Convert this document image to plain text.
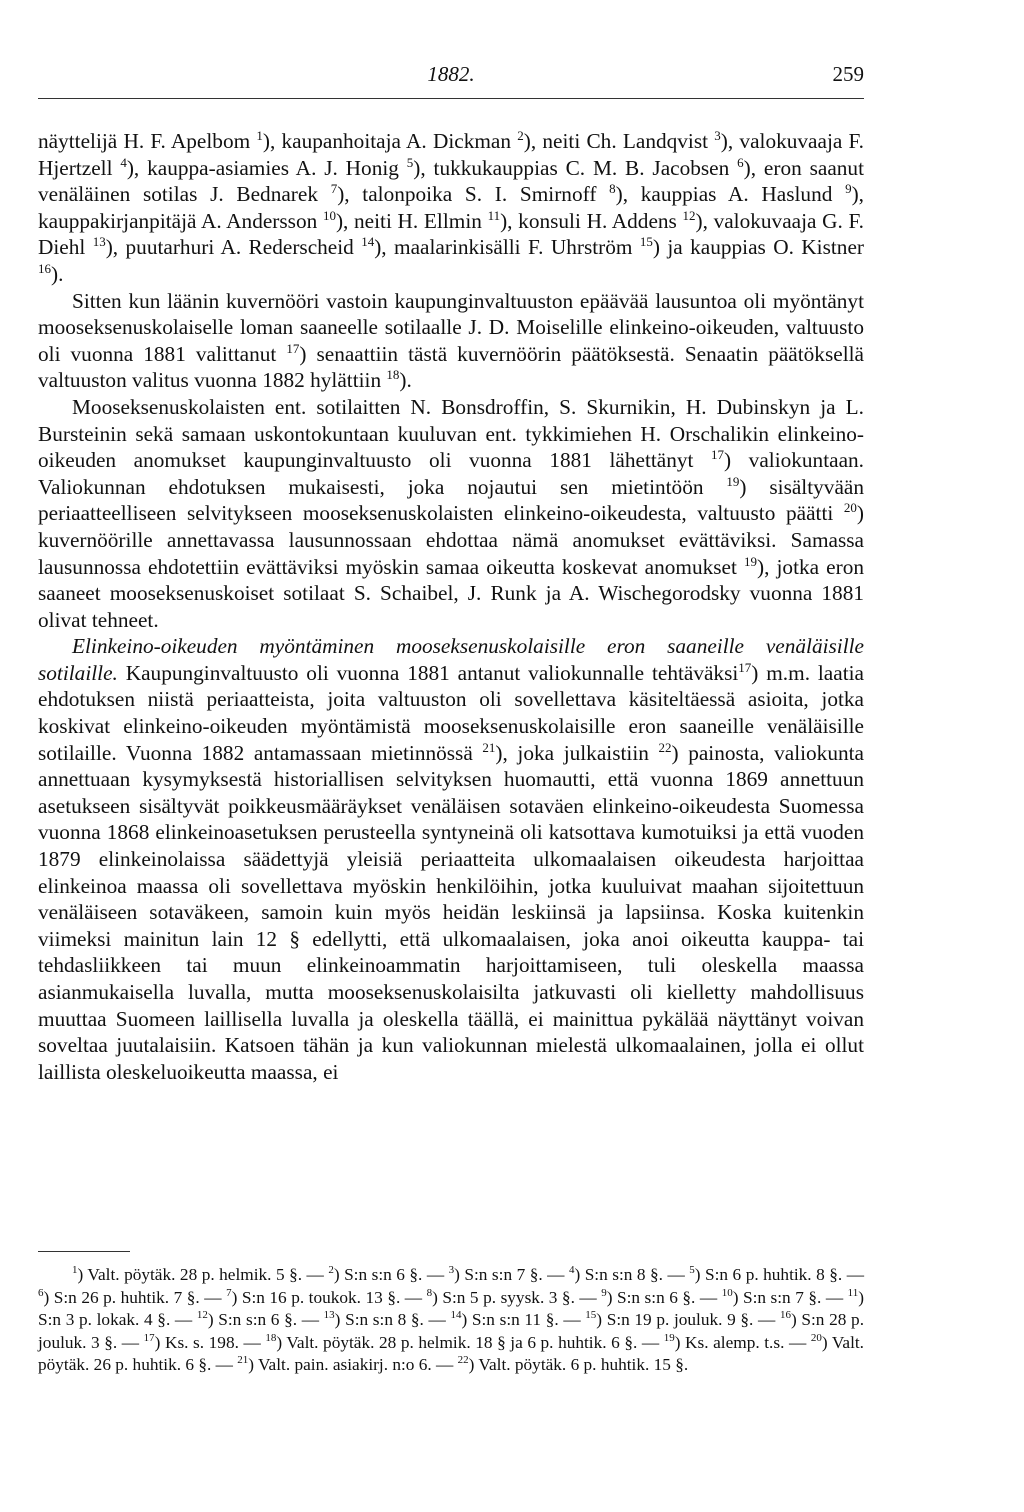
1882.	259

näyttelijä H. F. Apelbom $^1$), kaupanhoitaja A. Dickman $^2$), neiti Ch. Landqvist $^3$), valokuvaaja F. Hjertzell $^4$), kauppa-asiamies A. J. Honig $^5$), tukkukauppias C. M. B. Jacobsen $^6$), eron saanut venäläinen sotilas J. Bednarek $^7$), talonpoika S. I. Smirnoff $^8$), kauppias A. Haslund $^9$), kauppakirjanpitäjä A. Andersson $^{10}$), neiti H. Ellmin $^{11}$), konsuli H. Addens $^{12}$), valokuvaaja G. F. Diehl $^{13}$), puutarhuri A. Rederscheid $^{14}$), maalarinkisälli F. Uhrström $^{15}$) ja kauppias O. Kistner $^{16}$).

Sitten kun läänin kuvernööri vastoin kaupunginvaltuuston epäävää lausuntoa oli myöntänyt mooseksenuskolaiselle loman saaneelle sotilaalle J. D. Moiselille elinkeino-oikeuden, valtuusto oli vuonna 1881 valittanut $^{17}$) senaattiin tästä kuvernöörin päätöksestä. Senaatin päätöksellä valtuuston valitus vuonna 1882 hylättiin $^{18}$).

Mooseksenuskolaisten ent. sotilaitten N. Bonsdroffin, S. Skurnikin, H. Dubinskyn ja L. Bursteinin sekä samaan uskontokuntaan kuuluvan ent. tykkimiehen H. Orschalikin elinkeino-oikeuden anomukset kaupunginvaltuusto oli vuonna 1881 lähettänyt $^{17}$) valiokuntaan. Valiokunnan ehdotuksen mukaisesti, joka nojautui sen mietintöön $^{19}$) sisältyvään periaatteelliseen selvitykseen mooseksenuskolaisten elinkeino-oikeudesta, valtuusto päätti $^{20}$) kuvernöörille annettavassa lausunnossaan ehdottaa nämä anomukset evättäviksi. Samassa lausunnossa ehdotettiin evättäviksi myöskin samaa oikeutta koskevat anomukset $^{19}$), jotka eron saaneet mooseksenuskoiset sotilaat S. Schaibel, J. Runk ja A. Wischegorodsky vuonna 1881 olivat tehneet.

Elinkeino-oikeuden myöntäminen mooseksenuskolaisille eron saaneille venäläisille sotilaille. Kaupunginvaltuusto oli vuonna 1881 antanut valiokunnalle tehtäväksi$^{17}$) m.m. laatia ehdotuksen niistä periaatteista, joita valtuuston oli sovellettava käsiteltäessä asioita, jotka koskivat elinkeino-oikeuden myöntämistä mooseksenuskolaisille eron saaneille venäläisille sotilaille. Vuonna 1882 antamassaan mietinnössä $^{21}$), joka julkaistiin $^{22}$) painosta, valiokunta annettuaan kysymyksestä historiallisen selvityksen huomautti, että vuonna 1869 annettuun asetukseen sisältyvät poikkeusmääräykset venäläisen sotaväen elinkeino-oikeudesta Suomessa vuonna 1868 elinkeinoasetuksen perusteella syntyneinä oli katsottava kumotuiksi ja että vuoden 1879 elinkeinolaissa säädettyjä yleisiä periaatteita ulkomaalaisen oikeudesta harjoittaa elinkeinoa maassa oli sovellettava myöskin henkilöihin, jotka kuuluivat maahan sijoitettuun venäläiseen sotaväkeen, samoin kuin myös heidän leskiinsä ja lapsiinsa. Koska kuitenkin viimeksi mainitun lain 12 § edellytti, että ulkomaalaisen, joka anoi oikeutta kauppa- tai tehdasliikkeen tai muun elinkeinoammatin harjoittamiseen, tuli oleskella maassa asianmukaisella luvalla, mutta mooseksenuskolaisilta jatkuvasti oli kielletty mahdollisuus muuttaa Suomeen laillisella luvalla ja oleskella täällä, ei mainittua pykälää näyttänyt voivan soveltaa juutalaisiin. Katsoen tähän ja kun valiokunnan mielestä ulkomaalainen, jolla ei ollut laillista oleskeluoikeutta maassa, ei

$^1$) Valt. pöytäk. 28 p. helmik. 5 §. — $^2$) S:n s:n 6 §. — $^3$) S:n s:n 7 §. — $^4$) S:n s:n 8 §. — $^5$) S:n 6 p. huhtik. 8 §. — $^6$) S:n 26 p. huhtik. 7 §. — $^7$) S:n 16 p. toukok. 13 §. — $^8$) S:n 5 p. syysk. 3 §. — $^9$) S:n s:n 6 §. — $^{10}$) S:n s:n 7 §. — $^{11}$) S:n 3 p. lokak. 4 §. — $^{12}$) S:n s:n 6 §. — $^{13}$) S:n s:n 8 §. — $^{14}$) S:n s:n 11 §. — $^{15}$) S:n 19 p. jouluk. 9 §. — $^{16}$) S:n 28 p. jouluk. 3 §. — $^{17}$) Ks. s. 198. — $^{18}$) Valt. pöytäk. 28 p. helmik. 18 § ja 6 p. huhtik. 6 §. — $^{19}$) Ks. alemp. t.s. — $^{20}$) Valt. pöytäk. 26 p. huhtik. 6 §. — $^{21}$) Valt. pain. asiakirj. n:o 6. — $^{22}$) Valt. pöytäk. 6 p. huhtik. 15 §.
